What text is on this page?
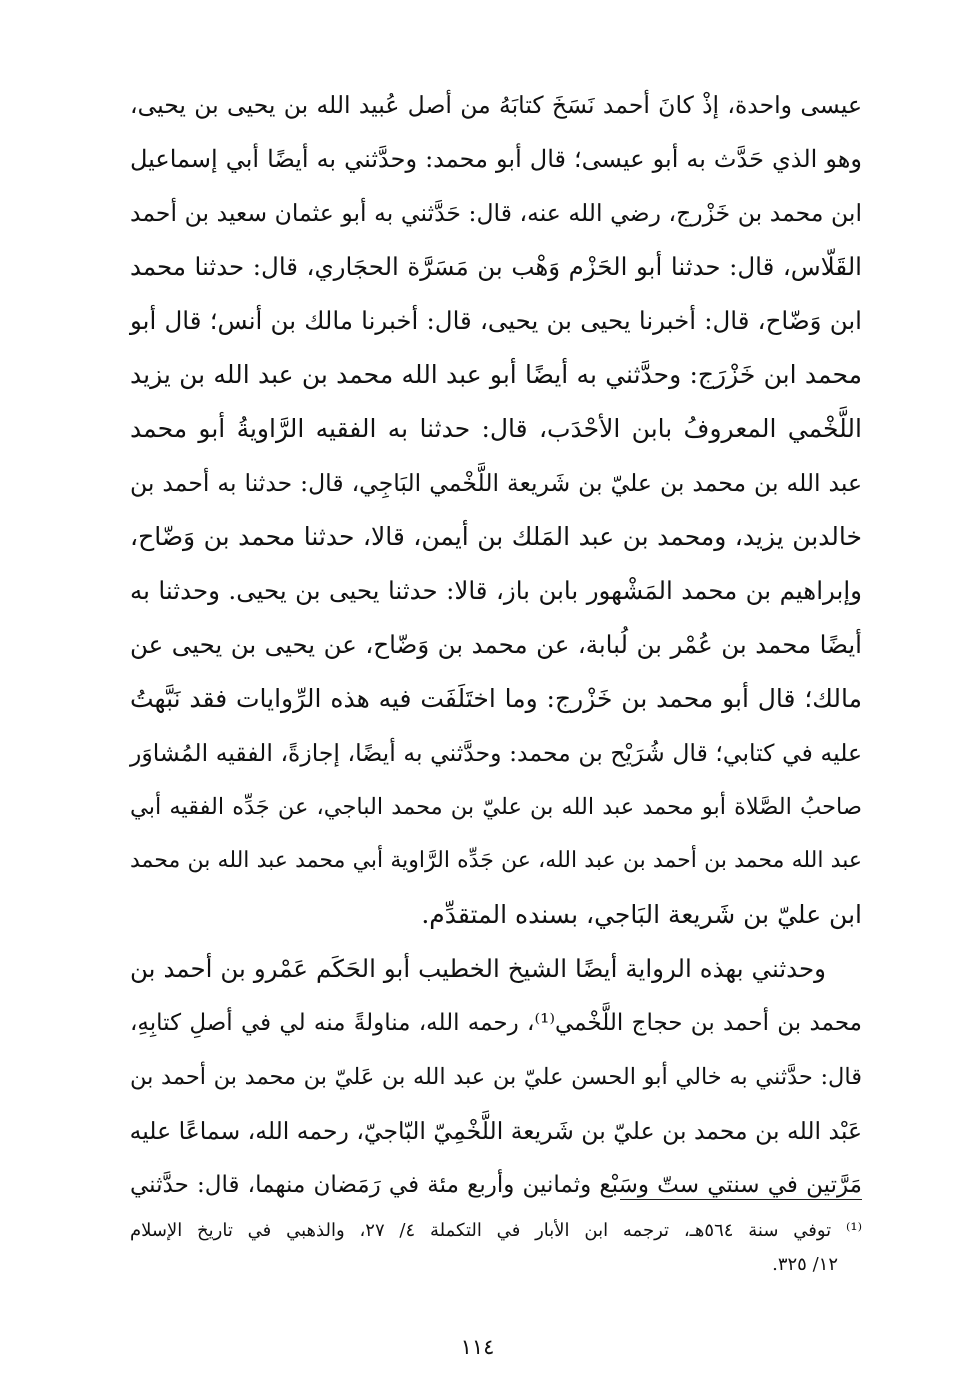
عيسى واحدة، إذْ كانَ أحمد نَسَخَ كتابَهُ من أصل عُبيد الله بن يحيى بن يحيى،
وهو الذي حَدَّث به أبو عيسى؛ قال أبو محمد: وحدَّثني به أيضًا أبي إسماعيل
ابن محمد بن خَزْرج، رضي الله عنه، قال: حَدَّثني به أبو عثمان سعيد بن أحمد
القَلّاس، قال: حدثنا أبو الحَزْم وَهْب بن مَسَرَّة الحجَاري، قال: حدثنا محمد
ابن وَضّاح، قال: أخبرنا يحيى بن يحيى، قال: أخبرنا مالك بن أنس؛ قال أبو
محمد ابن خَزْرَج: وحدَّثني به أيضًا أبو عبد الله محمد بن عبد الله بن يزيد
اللَّخْمي المعروفُ بابن الأحْدَب، قال: حدثنا به الفقيه الرَّاويةُ أبو محمد
عبد الله بن محمد بن عليّ بن شَريعة اللَّخْمي البَاجِي، قال: حدثنا به أحمد بن
خالدبن يزيد، ومحمد بن عبد المَلك بن أيمن، قالا، حدثنا محمد بن وَضّاح،
وإبراهيم بن محمد المَشْهور بابن باز، قالا: حدثنا يحيى بن يحيى. وحدثنا به
أيضًا محمد بن عُمْر بن لُبابة، عن محمد بن وَضّاح، عن يحيى بن يحيى عن
مالك؛ قال أبو محمد بن خَزْرج: وما اختَلَفَت فيه هذه الرِّوايات فقد نَبَّهتُ
عليه في كتابي؛ قال شُرَيْح بن محمد: وحدَّثني به أيضًا، إجازةً، الفقيه المُشاوَر
صاحبُ الصَّلاة أبو محمد عبد الله بن عليّ بن محمد الباجي، عن جَدِّه الفقيه أبي
عبد الله محمد بن أحمد بن عبد الله، عن جَدِّه الرَّاوية أبي محمد عبد الله بن محمد
ابن عليّ بن شَريعة البَاجي، بسنده المتقدِّم.
وحدثني بهذه الرواية أيضًا الشيخ الخطيب أبو الحَكَم عَمْرو بن أحمد بن
محمد بن أحمد بن حجاج اللَّخْمي⁽¹⁾، رحمه الله، مناولةً منه لي في أصلِ كتابِهِ،
قال: حدَّثني به خالي أبو الحسن عليّ بن عبد الله بن عَليّ بن محمد بن أحمد بن
عَبْد الله بن محمد بن عليّ بن شَريعة اللَّخْمِيّ البّاجيّ، رحمه الله، سماعًا عليه
مَرَّتين في سنتي ستّ وسَبْع وثمانين وأربع مئة في رَمَضان منهما، قال: حدَّثني
⁽¹⁾ توفي سنة ٥٦٤هـ، ترجمه ابن الأبار في التكملة ٤/ ٢٧، والذهبي في تاريخ الإسلام
١٢/ ٣٢٥.
١١٤
